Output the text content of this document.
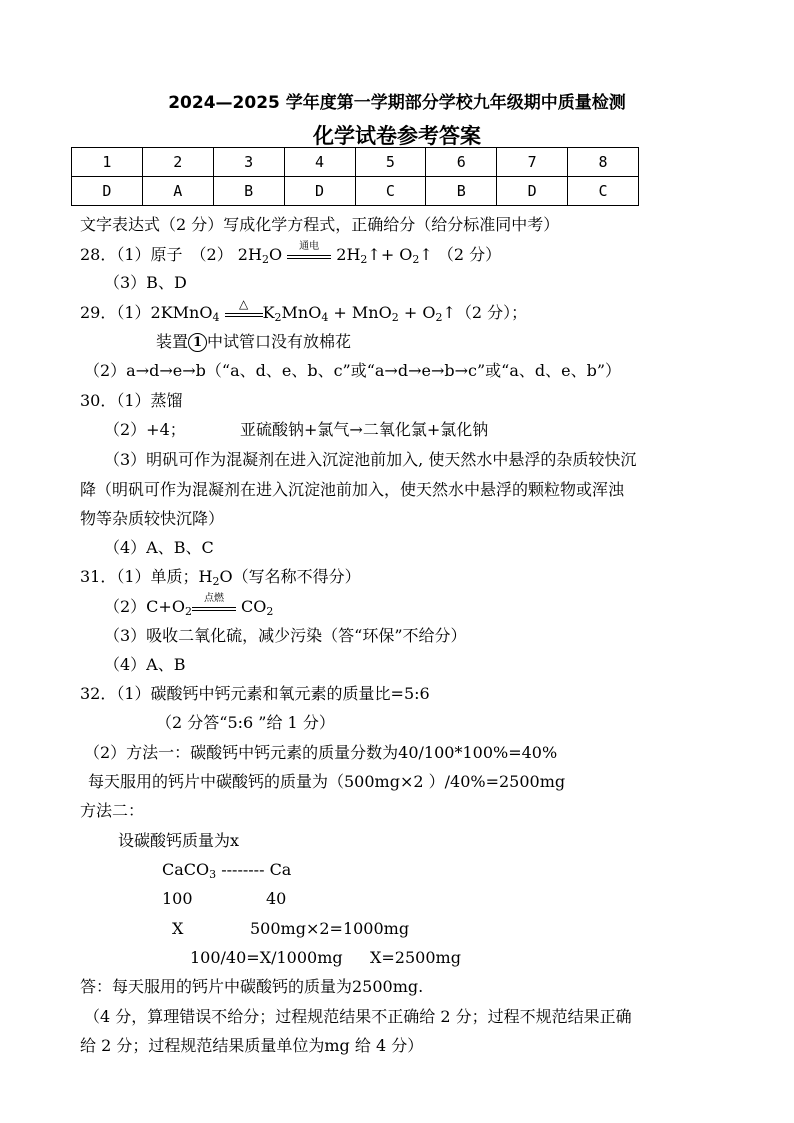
2024—2025 学年度第一学期部分学校九年级期中质量检测
化学试卷参考答案
1	2	3	4	5	6	7	8
D	A	B	D	C	B	D	C
文字表达式（2 分）写成化学方程式，正确给分（给分标准同中考）
28．（1）原子　（2） $2H_2O$	通电	$2H_2↑+$ $O_2↑$ （2 分）
（3）B、D
29．（1）2KMnO$_4$
△ $K_2MnO_4 + MnO_2$ + $O_2↑(2$ 分）；
装置 1 中试管口没有放棉花
（2）a→d→e→b（“a、d、e、b、c”或“a→d→e→b→c”或“a、d、e、b”）
30．（1）蒸馏
（2）+4；	亚硫酸钠+氯气→二氧化氯+氯化钠
（3）明矾可作为混凝剂在进入沉淀池前加入, 使天然水中悬浮的杂质较快沉
降（明矾可作为混凝剂在进入沉淀池前加入，使天然水中悬浮的颗粒物或浑浊
物等杂质较快沉降）
（4）A、B、C
31．（1）单质；$H_2O$（写名称不得分）
$(2)C+O_2$
点燃 $CO_2$
（3）吸收二氧化硫，减少污染（答“环保”不给分）
（4）A、B
32．（1）碳酸钙中钙元素和氧元素的质量比=5:6
（2 分答“5:6 ”给 1 分）
（2）方法一：碳酸钙中钙元素的质量分数为40/100*100%=40%
每天服用的钙片中碳酸钙的质量为（500mg×2 ）/40%=2500mg
方法二：
设碳酸钙质量为x
CaCO$_3$ -------- Ca
100	40
X	500mg×2=1000mg
100/40=X/1000mg X=2500mg
答：每天服用的钙片中碳酸钙的质量为2500mg.
（4 分，算理错误不给分；过程规范结果不正确给 2 分；过程不规范结果正确
给 2 分；过程规范结果质量单位为mg 给 4 分）
